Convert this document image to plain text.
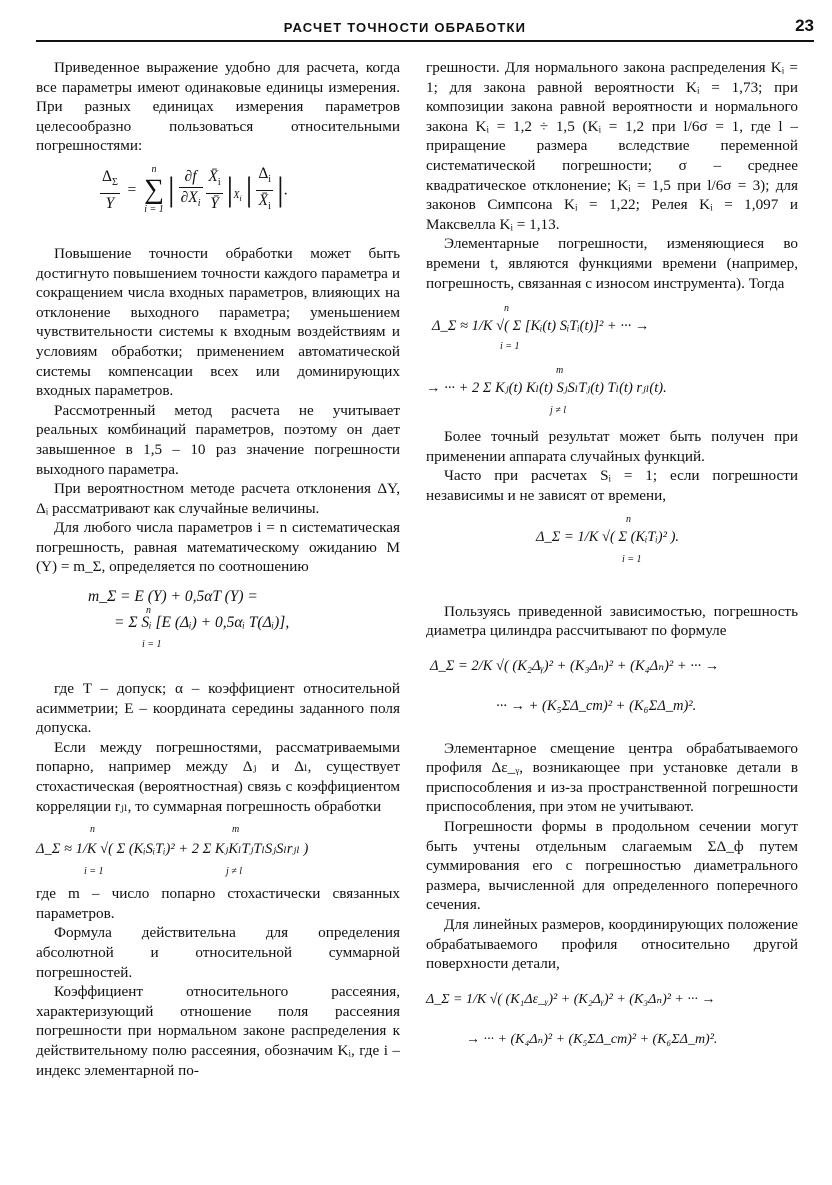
РАСЧЕТ ТОЧНОСТИ ОБРАБОТКИ	23

Приведенное выражение удобно для расчета, когда все параметры имеют одинаковые единицы измерения. При разных единицах измерения параметров целесообразно пользоваться относительными погрешностями:

$\frac{\Delta_\Sigma}{Y}$ =
n
∑
i = 1
| $\frac{\partial f}{\partial X_i}$
$\frac{X̄_i}{Ȳ} |_{X_i}$ | $\frac{\Delta_i}{X̄_i}$ |.

Повышение точности обработки может быть достигнуто повышением точности каждого параметра и сокращением числа входных параметров, влияющих на отклонение выходного параметра; уменьшением чувствительности системы к входным воздействиям и условиям обработки; применением автоматической системы компенсации всех или доминирующих входных параметров.

Рассмотренный метод расчета не учитывает реальных комбинаций параметров, поэтому он дает завышенное в 1,5 – 10 раз значение погрешности выходного параметра.

При вероятностном методе расчета отклонения ΔY, Δᵢ рассматривают как случайные величины.

Для любого числа параметров i = n систематическая погрешность, равная математическому ожиданию M (Y) = m_Σ, определяется по соотношению

m_Σ = E (Y) + 0,5αT (Y) =
n
i = 1
= Σ Sᵢ [E (Δᵢ) + 0,5αᵢ T(Δᵢ)],

где T – допуск; α – коэффициент относительной асимметрии; E – координата середины заданного поля допуска.

Если между погрешностями, рассматриваемыми попарно, например между Δⱼ и Δₗ, существует стохастическая (вероятностная) связь с коэффициентом корреляции rⱼₗ, то суммарная погрешность обработки

n
i = 1
m
j ≠ l
Δ_Σ ≈ 1/K √( Σ (KᵢSᵢTᵢ)² + 2 Σ KⱼKₗTⱼTₗSⱼSₗrⱼₗ )

где m – число попарно стохастически связанных параметров.

Формула действительна для определения абсолютной и относительной суммарной погрешностей.

Коэффициент относительного рассеяния, характеризующий отношение поля рассеяния погрешности при нормальном законе распределения к действительному полю рассеяния, обозначим Kᵢ, где i – индекс элементарной по-

грешности. Для нормального закона распределения Kᵢ = 1; для закона равной вероятности Kᵢ = 1,73; при композиции закона равной вероятности и нормального закона Kᵢ = 1,2 ÷ 1,5 (Kᵢ = 1,2 при l/6σ = 1, где l – приращение размера вследствие переменной систематической погрешности; σ – среднее квадратическое отклонение; Kᵢ = 1,5 при l/6σ = 3); для законов Симпсона Kᵢ = 1,22; Релея Kᵢ = 1,097 и Максвелла Kᵢ = 1,13.

Элементарные погрешности, изменяющиеся во времени t, являются функциями времени (например, погрешность, связанная с износом инструмента). Тогда

n
i = 1
Δ_Σ ≈ 1/K √( Σ [Kᵢ(t) SᵢTᵢ(t)]² + ··· →
m
j ≠ l
→ ··· + 2 Σ Kⱼ(t) Kₗ(t) SⱼSₗTⱼ(t) Tₗ(t) rⱼₗ(t).

Более точный результат может быть получен при применении аппарата случайных функций.

Часто при расчетах Sᵢ = 1; если погрешности независимы и не зависят от времени,

n
i = 1
Δ_Σ = 1/K √( Σ (KᵢTᵢ)² ).

Пользуясь приведенной зависимостью, погрешность диаметра цилиндра рассчитывают по формуле

Δ_Σ = 2/K √( (K₂Δᵧ)² + (K₃Δₙ)² + (K₄Δₙ)² + ··· →
··· → + (K₅ΣΔ_ст)² + (K₆ΣΔ_т)².

Элементарное смещение центра обрабатываемого профиля Δε_ᵧ, возникающее при установке детали в приспособления и из-за пространственной погрешности приспособления, при этом не учитывают.

Погрешности формы в продольном сечении могут быть учтены отдельным слагаемым ΣΔ_ф путем суммирования его с погрешностью диаметрального размера, вычисленной для определенного поперечного сечения.

Для линейных размеров, координирующих положение обрабатываемого профиля относительно другой поверхности детали,

Δ_Σ = 1/K √( (K₁Δε_ᵧ)² + (K₂Δᵧ)² + (K₃Δₙ)² + ··· →
→ ··· + (K₄Δₙ)² + (K₅ΣΔ_ст)² + (K₆ΣΔ_т)².
